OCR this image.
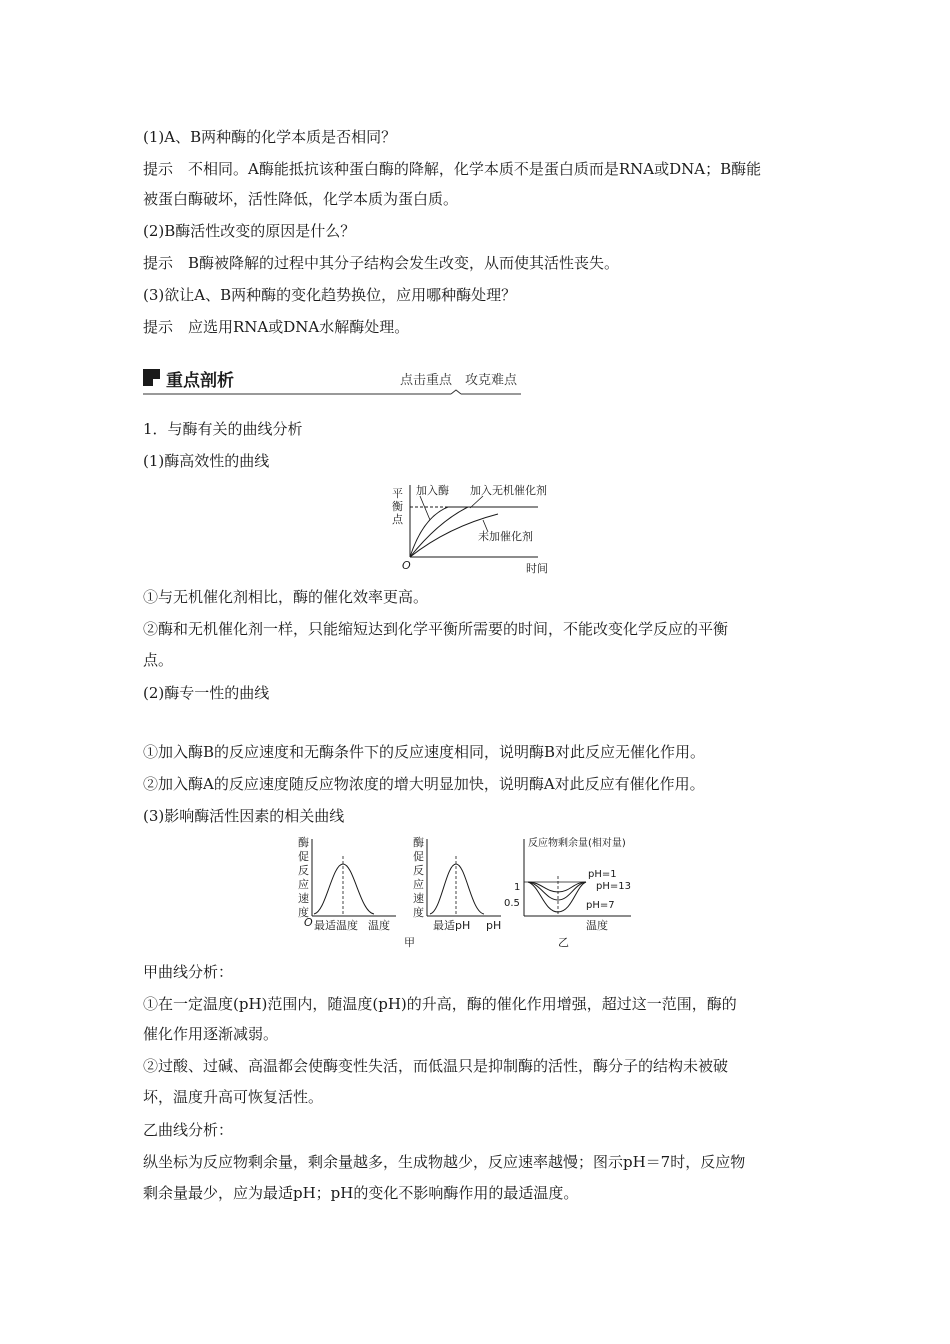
(1)A、B两种酶的化学本质是否相同？
提示　不相同。A酶能抵抗该种蛋白酶的降解，化学本质不是蛋白质而是RNA或DNA；B酶能
被蛋白酶破坏，活性降低，化学本质为蛋白质。
(2)B酶活性改变的原因是什么？
提示　B酶被降解的过程中其分子结构会发生改变，从而使其活性丧失。
(3)欲让A、B两种酶的变化趋势换位，应用哪种酶处理？
提示　应选用RNA或DNA水解酶处理。
重点剖析	点击重点　攻克难点
1．与酶有关的曲线分析
(1)酶高效性的曲线
平
衡
点
加入酶 加入无机催化剂
未加催化剂
O	时间
①与无机催化剂相比，酶的催化效率更高。
②酶和无机催化剂一样，只能缩短达到化学平衡所需要的时间，不能改变化学反应的平衡
点。
(2)酶专一性的曲线
①加入酶B的反应速度和无酶条件下的反应速度相同，说明酶B对此反应无催化作用。
②加入酶A的反应速度随反应物浓度的增大明显加快，说明酶A对此反应有催化作用。
(3)影响酶活性因素的相关曲线
酶
促
反
应
速
度
O 最适温度 温度
酶
促
反
应
速
度
最适pH pH
甲
反应物剩余量(相对量)
1
0.5
pH=1
pH=13
pH=7
温度
乙
甲曲线分析：
①在一定温度(pH)范围内，随温度(pH)的升高，酶的催化作用增强，超过这一范围，酶的
催化作用逐渐减弱。
②过酸、过碱、高温都会使酶变性失活，而低温只是抑制酶的活性，酶分子的结构未被破
坏，温度升高可恢复活性。
乙曲线分析：
纵坐标为反应物剩余量，剩余量越多，生成物越少，反应速率越慢；图示pH＝7时，反应物
剩余量最少，应为最适pH；pH的变化不影响酶作用的最适温度。
